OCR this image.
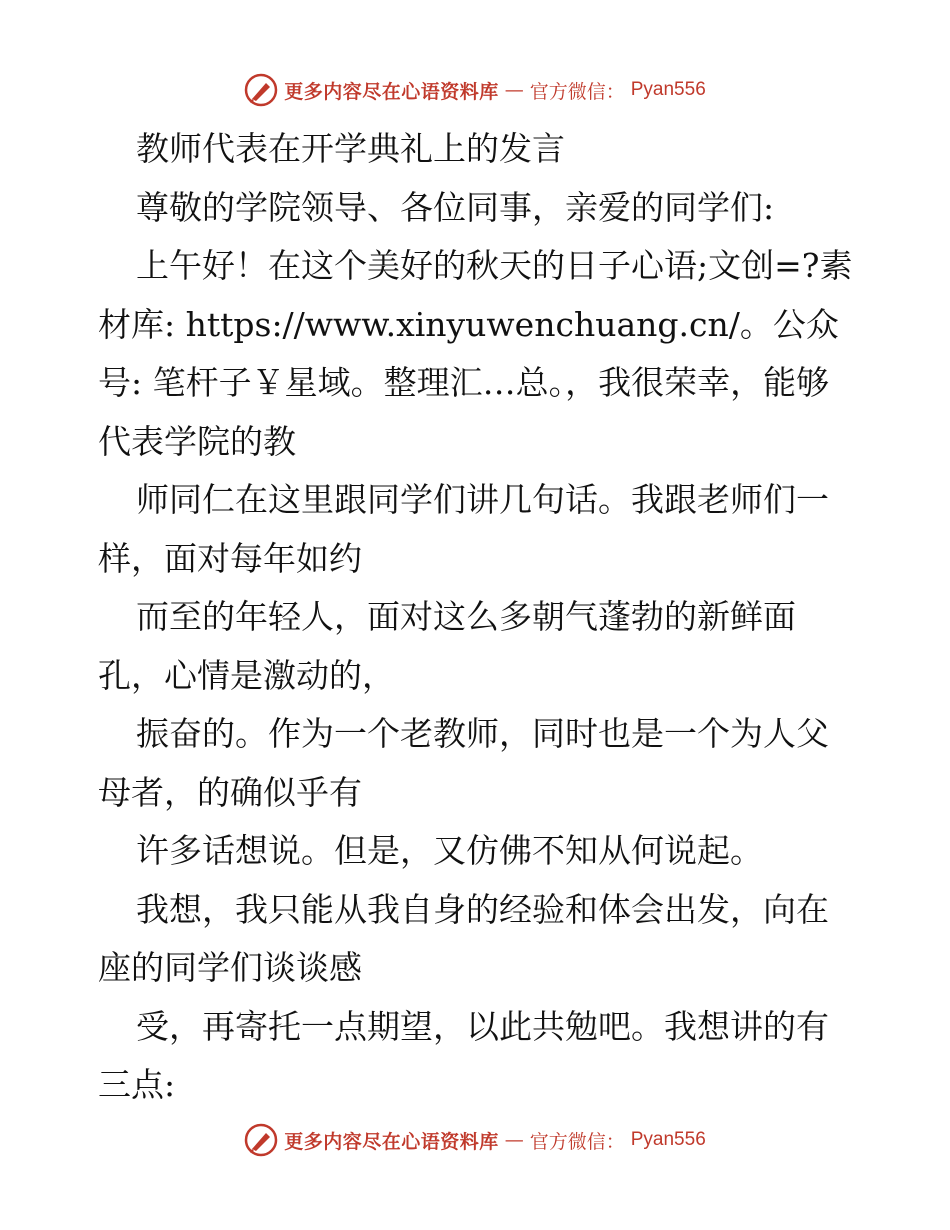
更多内容尽在心语资料库 — 官方微信： Pyan556

教师代表在开学典礼上的发言

尊敬的学院领导、各位同事，亲爱的同学们:

上午好！在这个美好的秋天的日子心语;文创=?素材库: https://www.xinyuwenchuang.cn/。公众号: 笔杆子￥星域。整理汇…总。，我很荣幸，能够代表学院的教

师同仁在这里跟同学们讲几句话。我跟老师们一样，面对每年如约

而至的年轻人，面对这么多朝气蓬勃的新鲜面孔，心情是激动的，

振奋的。作为一个老教师，同时也是一个为人父母者，的确似乎有

许多话想说。但是，又仿佛不知从何说起。

我想，我只能从我自身的经验和体会出发，向在座的同学们谈谈感

受，再寄托一点期望，以此共勉吧。我想讲的有三点:

更多内容尽在心语资料库 — 官方微信： Pyan556
